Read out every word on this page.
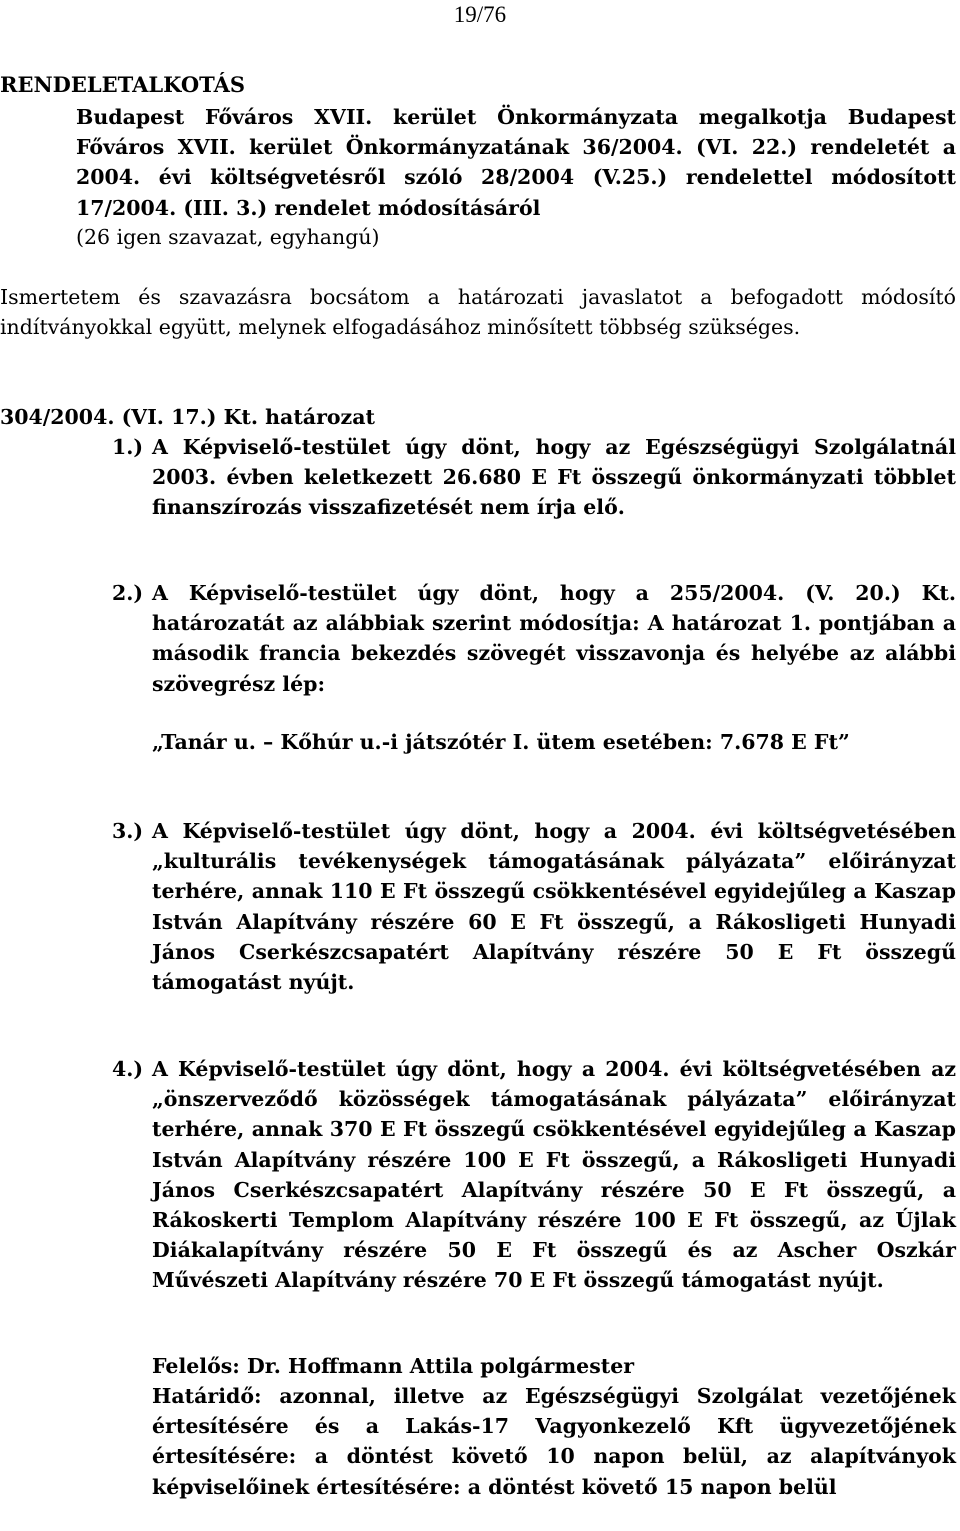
19/76
RENDELETALKOTÁS
Budapest Főváros XVII. kerület Önkormányzata megalkotja Budapest Főváros XVII. kerület Önkormányzatának 36/2004. (VI. 22.) rendeletét a 2004. évi költségvetésről szóló 28/2004 (V.25.) rendelettel módosított 17/2004. (III. 3.) rendelet módosításáról
(26 igen szavazat, egyhangú)
Ismertetem és szavazásra bocsátom a határozati javaslatot a befogadott módosító indítványokkal együtt, melynek elfogadásához minősített többség szükséges.
304/2004. (VI. 17.) Kt. határozat
1.) A Képviselő-testület úgy dönt, hogy az Egészségügyi Szolgálatnál 2003. évben keletkezett 26.680 E Ft összegű önkormányzati többlet finanszírozás visszafizetését nem írja elő.
2.) A Képviselő-testület úgy dönt, hogy a 255/2004. (V. 20.) Kt. határozatát az alábbiak szerint módosítja: A határozat 1. pontjában a második francia bekezdés szövegét visszavonja és helyébe az alábbi szövegrész lép:
„Tanár u. – Kőhúr u.-i játszótér I. ütem esetében: 7.678 E Ft”
3.) A Képviselő-testület úgy dönt, hogy a 2004. évi költségvetésében „kulturális tevékenységek támogatásának pályázata” előirányzat terhére, annak 110 E Ft összegű csökkentésével egyidejűleg a Kaszap István Alapítvány részére 60 E Ft összegű, a Rákosligeti Hunyadi János Cserkészcsapatért Alapítvány részére 50 E Ft összegű támogatást nyújt.
4.) A Képviselő-testület úgy dönt, hogy a 2004. évi költségvetésében az „önszerveződő közösségek támogatásának pályázata” előirányzat terhére, annak 370 E Ft összegű csökkentésével egyidejűleg a Kaszap István Alapítvány részére 100 E Ft összegű, a Rákosligeti Hunyadi János Cserkészcsapatért Alapítvány részére 50 E Ft összegű, a Rákoskerti Templom Alapítvány részére 100 E Ft összegű, az Újlak Diákalapítvány részére 50 E Ft összegű és az Ascher Oszkár Művészeti Alapítvány részére 70 E Ft összegű támogatást nyújt.
Felelős: Dr. Hoffmann Attila polgármester
Határidő: azonnal, illetve az Egészségügyi Szolgálat vezetőjének értesítésére és a Lakás-17 Vagyonkezelő Kft ügyvezetőjének értesítésére: a döntést követő 10 napon belül, az alapítványok képviselőinek értesítésére: a döntést követő 15 napon belül
